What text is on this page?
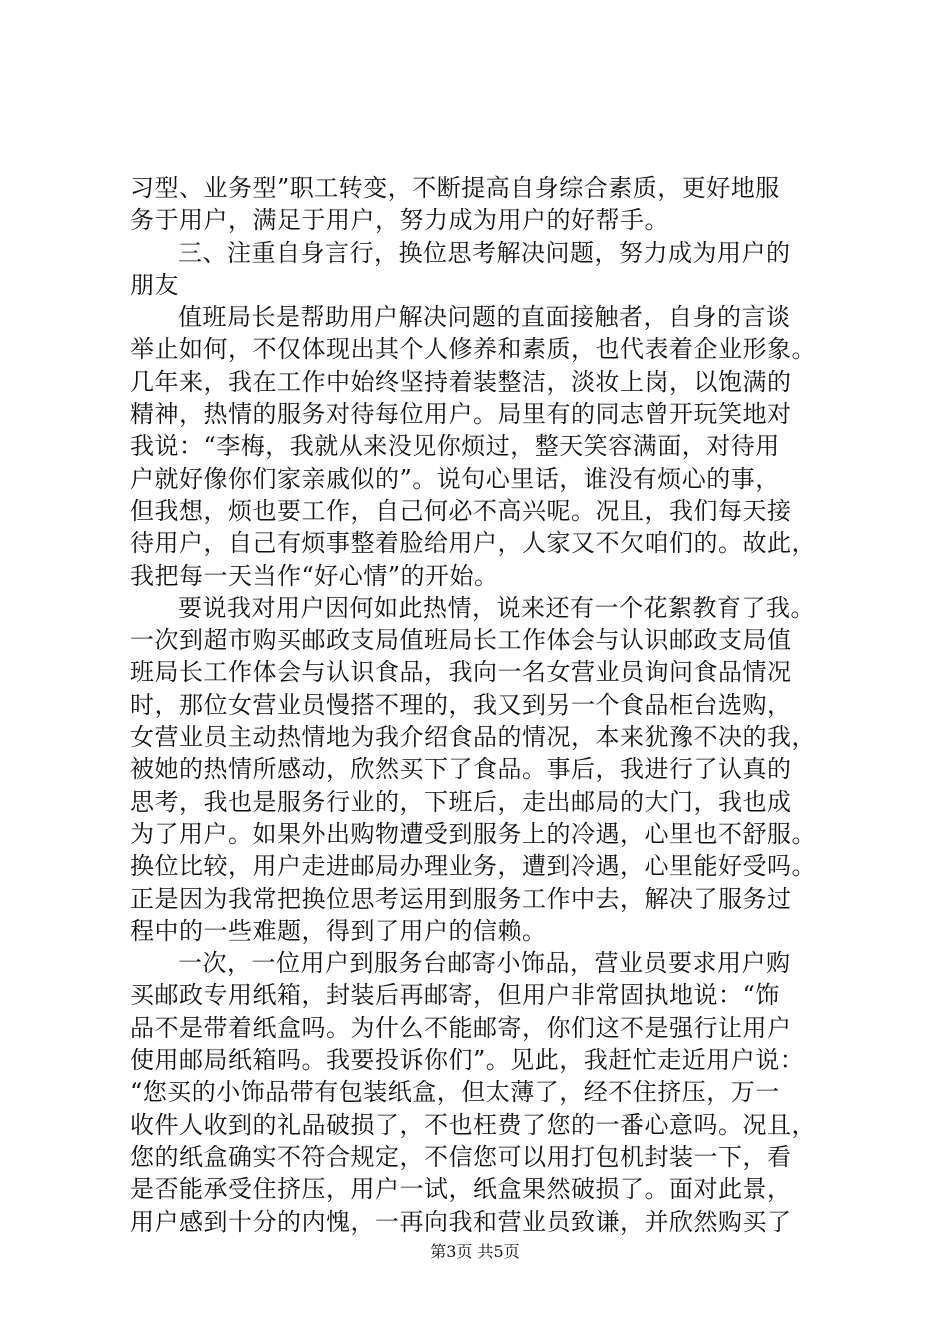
习型、业务型”职工转变，不断提高自身综合素质，更好地服
务于用户，满足于用户，努力成为用户的好帮手。
三、注重自身言行，换位思考解决问题，努力成为用户的
朋友
值班局长是帮助用户解决问题的直面接触者，自身的言谈
举止如何，不仅体现出其个人修养和素质，也代表着企业形象。
几年来，我在工作中始终坚持着装整洁，淡妆上岗，以饱满的
精神，热情的服务对待每位用户。局里有的同志曾开玩笑地对
我说：“李梅，我就从来没见你烦过，整天笑容满面，对待用
户就好像你们家亲戚似的”。说句心里话，谁没有烦心的事，
但我想，烦也要工作，自己何必不高兴呢。况且，我们每天接
待用户，自己有烦事整着脸给用户，人家又不欠咱们的。故此，
我把每一天当作“好心情”的开始。
要说我对用户因何如此热情，说来还有一个花絮教育了我。
一次到超市购买邮政支局值班局长工作体会与认识邮政支局值
班局长工作体会与认识食品，我向一名女营业员询问食品情况
时，那位女营业员慢搭不理的，我又到另一个食品柜台选购，
女营业员主动热情地为我介绍食品的情况，本来犹豫不决的我，
被她的热情所感动，欣然买下了食品。事后，我进行了认真的
思考，我也是服务行业的，下班后，走出邮局的大门，我也成
为了用户。如果外出购物遭受到服务上的冷遇，心里也不舒服。
换位比较，用户走进邮局办理业务，遭到冷遇，心里能好受吗。
正是因为我常把换位思考运用到服务工作中去，解决了服务过
程中的一些难题，得到了用户的信赖。
一次，一位用户到服务台邮寄小饰品，营业员要求用户购
买邮政专用纸箱，封装后再邮寄，但用户非常固执地说：“饰
品不是带着纸盒吗。为什么不能邮寄，你们这不是强行让用户
使用邮局纸箱吗。我要投诉你们”。见此，我赶忙走近用户说：
“您买的小饰品带有包装纸盒，但太薄了，经不住挤压，万一
收件人收到的礼品破损了，不也枉费了您的一番心意吗。况且，
您的纸盒确实不符合规定，不信您可以用打包机封装一下，看
是否能承受住挤压，用户一试，纸盒果然破损了。面对此景，
用户感到十分的内愧，一再向我和营业员致谦，并欣然购买了
第3页 共5页
